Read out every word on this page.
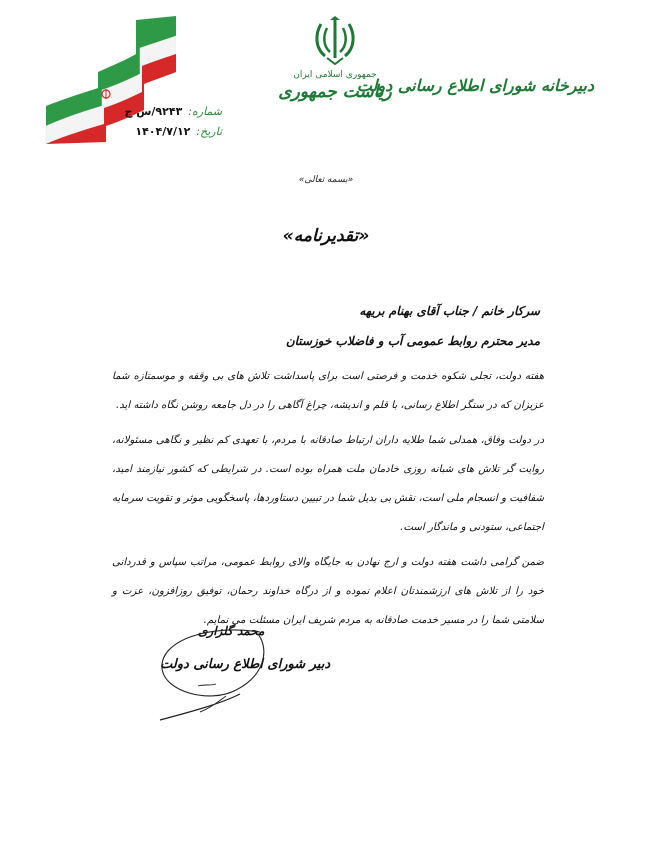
شماره:
۹۲۴۳/س ج
تاریخ:
۱۴۰۴/۷/۱۲
جمهوری اسلامی ایران
ریاست جمهوری
دبیرخانه شورای اطلاع رسانی دولت
«بسمه تعالی»
«تقدیرنامه»
سرکار خانم / جناب آقای بهنام بریهه
مدیر محترم روابط عمومی آب و فاضلاب خوزستان

هفته دولت، تجلی شکوه خدمت و فرصتی است برای پاسداشت تلاش های بی وقفه و موسمتازه شما عزیزان که در سنگر اطلاع رسانی، با قلم و اندیشه، چراغ آگاهی را در دل جامعه روشن نگاه داشته اید.

در دولت وفاق، همدلی شما طلایه داران ارتباط صادقانه با مردم، با تعهدی کم نظیر و نگاهی مسئولانه، روایت گر تلاش های شبانه روزی خادمان ملت همراه بوده است. در شرایطی که کشور نیازمند امید، شفافیت و انسجام ملی است، نقش بی بدیل شما در تبیین دستاوردها، پاسخگویی موثر و تقویت سرمایه اجتماعی، ستودنی و ماندگار است.

ضمن گرامی داشت هفته دولت و ارج نهادن به جایگاه والای روابط عمومی، مراتب سپاس و قدردانی خود را از تلاش های ارزشمندتان اعلام نموده و از درگاه خداوند رحمان، توفیق روزافزون، عزت و سلامتی شما را در مسیر خدمت صادقانه به مردم شریف ایران مسئلت می نمایم.

محمد گلزاری
دبیر شورای اطلاع رسانی دولت
